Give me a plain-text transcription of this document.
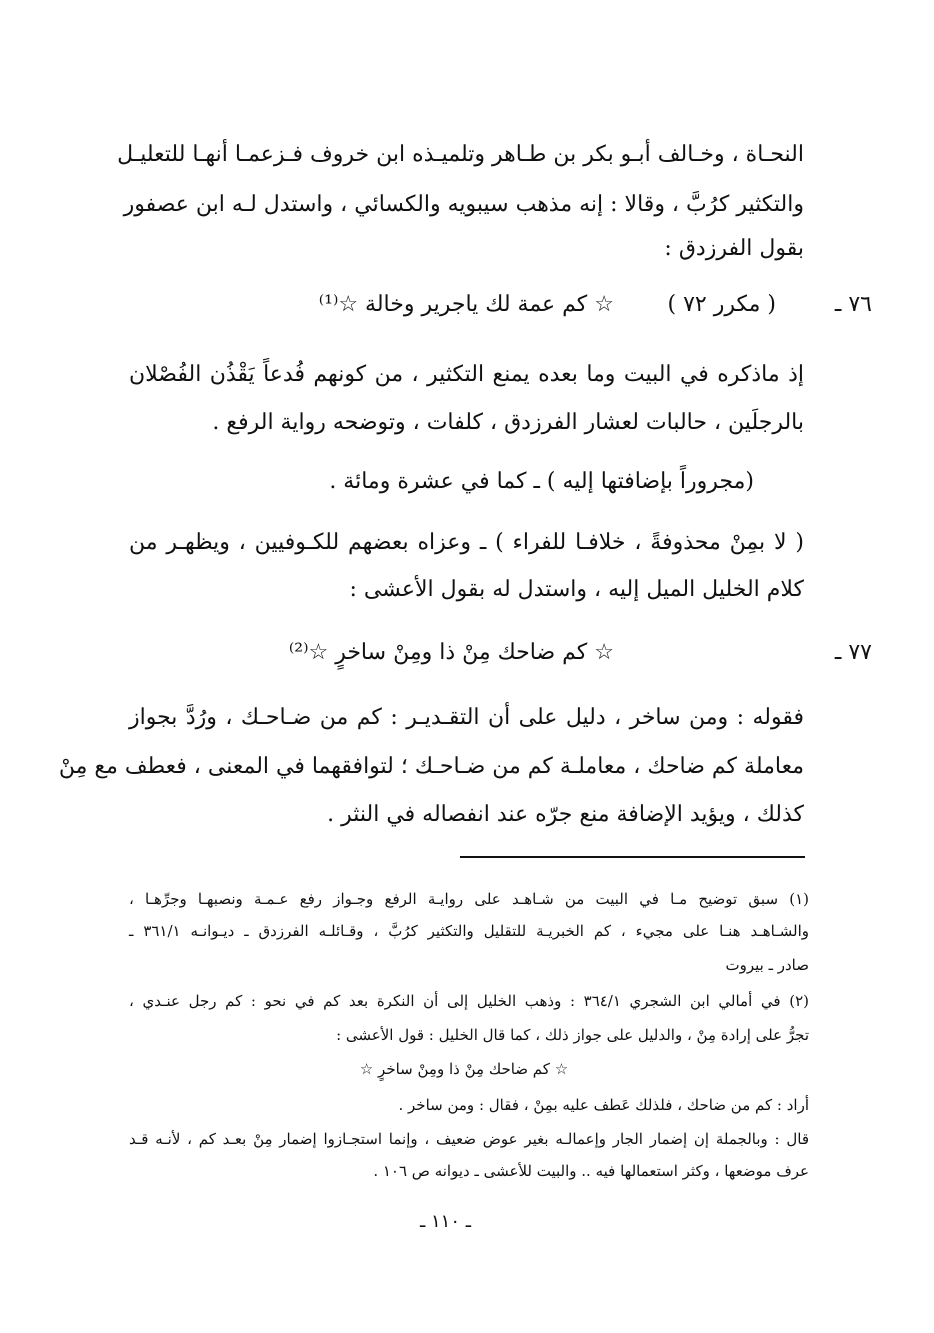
النحـاة ، وخـالف أبـو بكر بن طـاهر وتلميـذه ابن خروف فـزعمـا أنهـا للتعليـل
والتكثير كرُبَّ ، وقالا : إنه مذهب سيبويه والكسائي ، واستدل لـه ابن عصفور
بقول الفرزدق :
٧٦ ـ
( مكرر ٧٢ )
☆ كم عمة لك ياجرير وخالة ☆⁽¹⁾
إذ ماذكره في البيت وما بعده يمنع التكثير ، من كونهم فُدعاً يَقْذُن الفُصْلان
بالرجلَين ، حالبات لعشار الفرزدق ، كلفات ، وتوضحه رواية الرفع .
(مجروراً بإضافتها إليه ) ـ كما في عشرة ومائة .
( لا بمِنْ محذوفةً ، خلافـا للفراء ) ـ وعزاه بعضهم للكـوفيين ، ويظهـر من
كلام الخليل الميل إليه ، واستدل له بقول الأعشى :
٧٧ ـ
☆ كم ضاحك مِنْ ذا ومِنْ ساخرٍ ☆⁽²⁾
فقوله : ومن ساخر ، دليل على أن التقـديـر : كم من ضـاحـك ، ورُدَّ بجواز
معاملة كم ضاحك ، معاملـة كم من ضـاحـك ؛ لتوافقهما في المعنى ، فعطف مع مِنْ
كذلك ، ويؤيد الإضافة منع جرّه عند انفصاله في النثر .
(١) سبق توضيح مـا في البيت من شـاهـد على روايـة الرفع وجـواز رفع عـمـة ونصبهـا وجرِّهـا ،
والشـاهـد هنـا على مجيء ، كم الخبريـة للتقليل والتكثير كرُبَّ ، وقـائلـه الفرزدق ـ ديـوانـه ٣٦١/١ ـ
صادر ـ بيروت
(٢) في أمالي ابن الشجري ٣٦٤/١ : وذهب الخليل إلى أن النكرة بعد كم في نحو : كم رجل عنـدي ،
تجرُّ على إرادة مِنْ ، والدليل على جواز ذلك ، كما قال الخليل : قول الأعشى :
☆ كم ضاحك مِنْ ذا ومِنْ ساخرٍ ☆
أراد : كم من ضاحك ، فلذلك عَطف عليه بمِنْ ، فقال : ومن ساخر .
قال : وبالجملة إن إضمار الجار وإعمالـه بغير عوض ضعيف ، وإنما استجـازوا إضمار مِنْ بعـد كم ، لأنـه قـد
عرف موضعها ، وكثر استعمالها فيه .. والبيت للأعشى ـ ديوانه ص ١٠٦ .
ـ ١١٠ ـ
